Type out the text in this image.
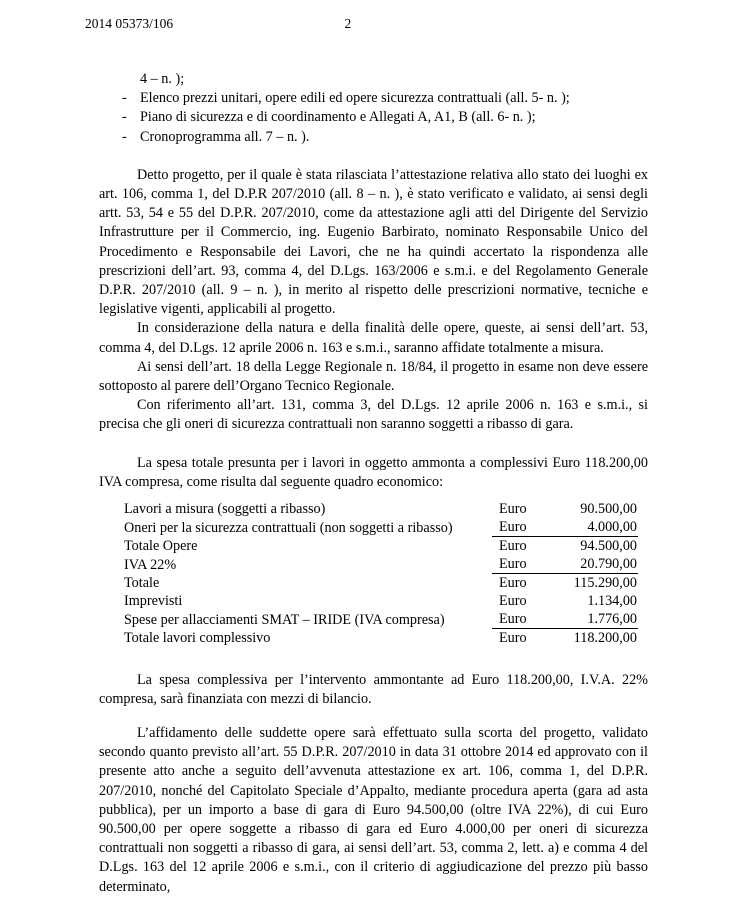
2014 05373/106	2
4 – n. );
- Elenco prezzi unitari, opere edili ed opere sicurezza contrattuali (all. 5- n. );
- Piano di sicurezza e di coordinamento e Allegati A, A1, B (all. 6- n. );
- Cronoprogramma all. 7 – n. ).

Detto progetto, per il quale è stata rilasciata l’attestazione relativa allo stato dei luoghi ex art. 106, comma 1, del D.P.R 207/2010 (all. 8 – n. ), è stato verificato e validato, ai sensi degli artt. 53, 54 e 55 del D.P.R. 207/2010, come da attestazione agli atti del Dirigente del Servizio Infrastrutture per il Commercio, ing. Eugenio Barbirato, nominato Responsabile Unico del Procedimento e Responsabile dei Lavori, che ne ha quindi accertato la rispondenza alle prescrizioni dell’art. 93, comma 4, del D.Lgs. 163/2006 e s.m.i. e del Regolamento Generale D.P.R. 207/2010 (all. 9 – n. ), in merito al rispetto delle prescrizioni normative, tecniche e legislative vigenti, applicabili al progetto.

In considerazione della natura e della finalità delle opere, queste, ai sensi dell’art. 53, comma 4, del D.Lgs. 12 aprile 2006 n. 163 e s.m.i., saranno affidate totalmente a misura.

Ai sensi dell’art. 18 della Legge Regionale n. 18/84, il progetto in esame non deve essere sottoposto al parere dell’Organo Tecnico Regionale.

Con riferimento all’art. 131, comma 3, del D.Lgs. 12 aprile 2006 n. 163 e s.m.i., si precisa che gli oneri di sicurezza contrattuali non saranno soggetti a ribasso di gara.

La spesa totale presunta per i lavori in oggetto ammonta a complessivi Euro 118.200,00 IVA compresa, come risulta dal seguente quadro economico:

Lavori a misura (soggetti a ribasso)	Euro	90.500,00
Oneri per la sicurezza contrattuali (non soggetti a ribasso)	Euro	4.000,00
Totale Opere	Euro	94.500,00
IVA 22%	Euro	20.790,00
Totale	Euro	115.290,00
Imprevisti	Euro	1.134,00
Spese per allacciamenti SMAT – IRIDE (IVA compresa)	Euro	1.776,00
Totale lavori complessivo	Euro	118.200,00

La spesa complessiva per l’intervento ammontante ad Euro 118.200,00, I.V.A. 22% compresa, sarà finanziata con mezzi di bilancio.

L’affidamento delle suddette opere sarà effettuato sulla scorta del progetto, validato secondo quanto previsto all’art. 55 D.P.R. 207/2010 in data 31 ottobre 2014 ed approvato con il presente atto anche a seguito dell’avvenuta attestazione ex art. 106, comma 1, del D.P.R. 207/2010, nonché del Capitolato Speciale d’Appalto, mediante procedura aperta (gara ad asta pubblica), per un importo a base di gara di Euro 94.500,00 (oltre IVA 22%), di cui Euro 90.500,00 per opere soggette a ribasso di gara ed Euro 4.000,00 per oneri di sicurezza contrattuali non soggetti a ribasso di gara, ai sensi dell’art. 53, comma 2, lett. a) e comma 4 del D.Lgs. 163 del 12 aprile 2006 e s.m.i., con il criterio di aggiudicazione del prezzo più basso determinato,
